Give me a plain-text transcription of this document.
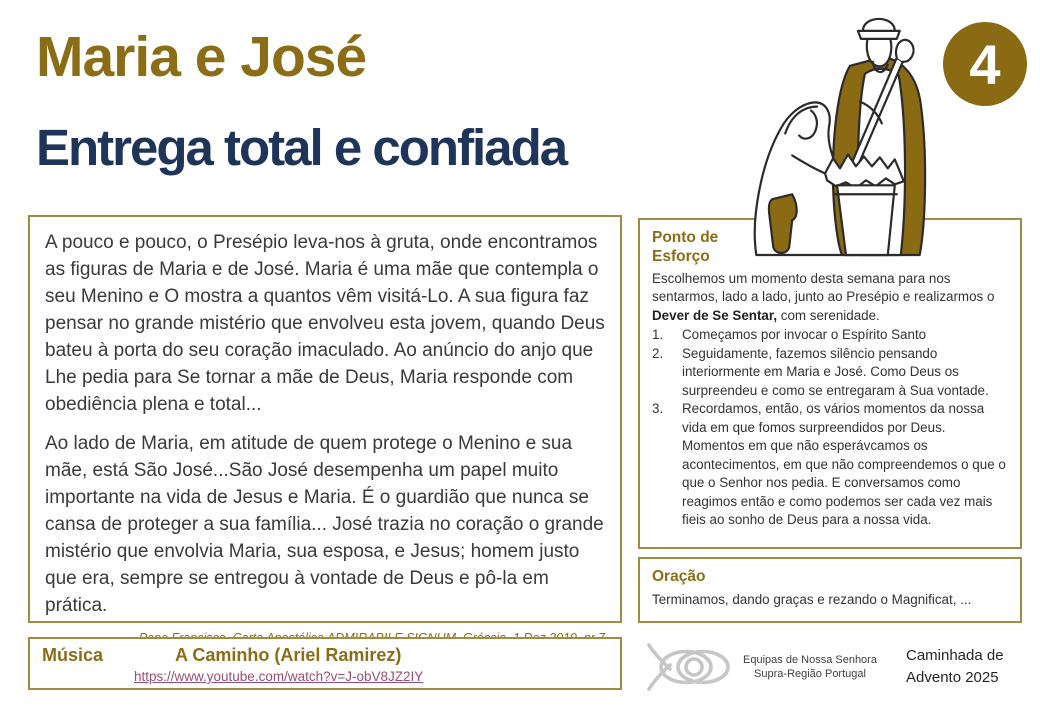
Maria e José
Entrega total e confiada
4

A pouco e pouco, o Presépio leva-nos à gruta, onde encontramos as figuras de Maria e de José. Maria é uma mãe que contempla o seu Menino e O mostra a quantos vêm visitá-Lo. A sua figura faz pensar no grande mistério que envolveu esta jovem, quando Deus bateu à porta do seu coração imaculado. Ao anúncio do anjo que Lhe pedia para Se tornar a mãe de Deus, Maria responde com obediência plena e total...

Ao lado de Maria, em atitude de quem protege o Menino e sua mãe, está São José...São José desempenha um papel muito importante na vida de Jesus e Maria. É o guardião que nunca se cansa de proteger a sua família... José trazia no coração o grande mistério que envolvia Maria, sua esposa, e Jesus; homem justo que era, sempre se entregou à vontade de Deus e pô-la em prática.

Ponto de Esforço
Escolhemos um momento desta semana para nos sentarmos, lado a lado, junto ao Presépio e realizarmos o Dever de Se Sentar, com serenidade.
1.	Começamos por invocar o Espírito Santo
2.	Seguidamente, fazemos silêncio pensando interiormente em Maria e José. Como Deus os surpreendeu e como se entregaram à Sua vontade.
3.	Recordamos, então, os vários momentos da nossa vida em que fomos surpreendidos por Deus. Momentos em que não esperávcamos os acontecimentos, em que não compreendemos o que o que o Senhor nos pedia. E conversamos como reagimos então e como podemos ser cada vez mais fieis ao sonho de Deus para a nossa vida.
Oração
Terminamos, dando graças e rezando o Magnificat, ...
Música	A Caminho (Ariel Ramirez)
https://www.youtube.com/watch?v=J-obV8JZ2IY
Equipas de Nossa Senhora
Supra-Região Portugal
Caminhada de
Advento 2025
